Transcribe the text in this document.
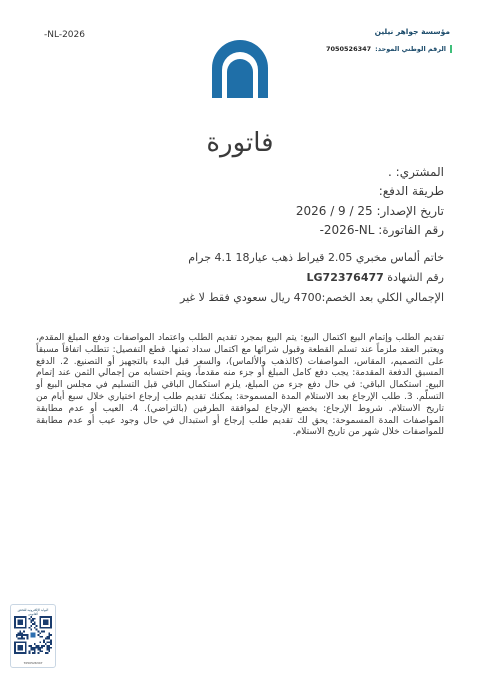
مؤسسة جواهر نيلين
الرقم الوطني الموحد:
7050526347
-NL-2026
فاتورة
المشتري: .
طريقة الدفع:
تاريخ الإصدار: 2026 / 9 / 25
رقم الفاتورة: -2026-NL
خاتم ألماس مخبري 2.05 قيراط ذهب عيار18 4.1 جرام
رقم الشهادة LG72376477
الإجمالي الكلي بعد الخصم:4700 ريال سعودي فقط لا غير
تقديم الطلب وإتمام البيع اكتمال البيع: يتم البيع بمجرد تقديم الطلب واعتماد المواصفات ودفع المبلغ المقدم، ويعتبر العقد ملزماً عند تسلم القطعة وقبول شرائها مع اكتمال سداد ثمنها. قطع التفصيل: تتطلب اتفاقاً مسبقاً على التصميم، المقاس، المواصفات (كالذهب والألماس)، والسعر قبل البدء بالتجهيز أو التصنيع. 2. الدفع المسبق الدفعة المقدمة: يجب دفع كامل المبلغ أو جزء منه مقدماً، ويتم احتسابه من إجمالي الثمن عند إتمام البيع. استكمال الباقي: في حال دفع جزء من المبلغ، يلزم استكمال الباقي قبل التسليم في مجلس البيع أو التسلّم. 3. طلب الإرجاع بعد الاستلام المدة المسموحة: يمكنك تقديم طلب إرجاع اختياري خلال سبع أيام من تاريخ الاستلام. شروط الإرجاع: يخضع الإرجاع لموافقة الطرفين (بالتراضي). 4. العيب أو عدم مطابقة المواصفات المدة المسموحة: يحق لك تقديم طلب إرجاع أو استبدال في حال وجود عيب أو عدم مطابقة للمواصفات خلال شهر من تاريخ الاستلام.
البوابة الإلكترونية للتحقق القانوني
7050526347
